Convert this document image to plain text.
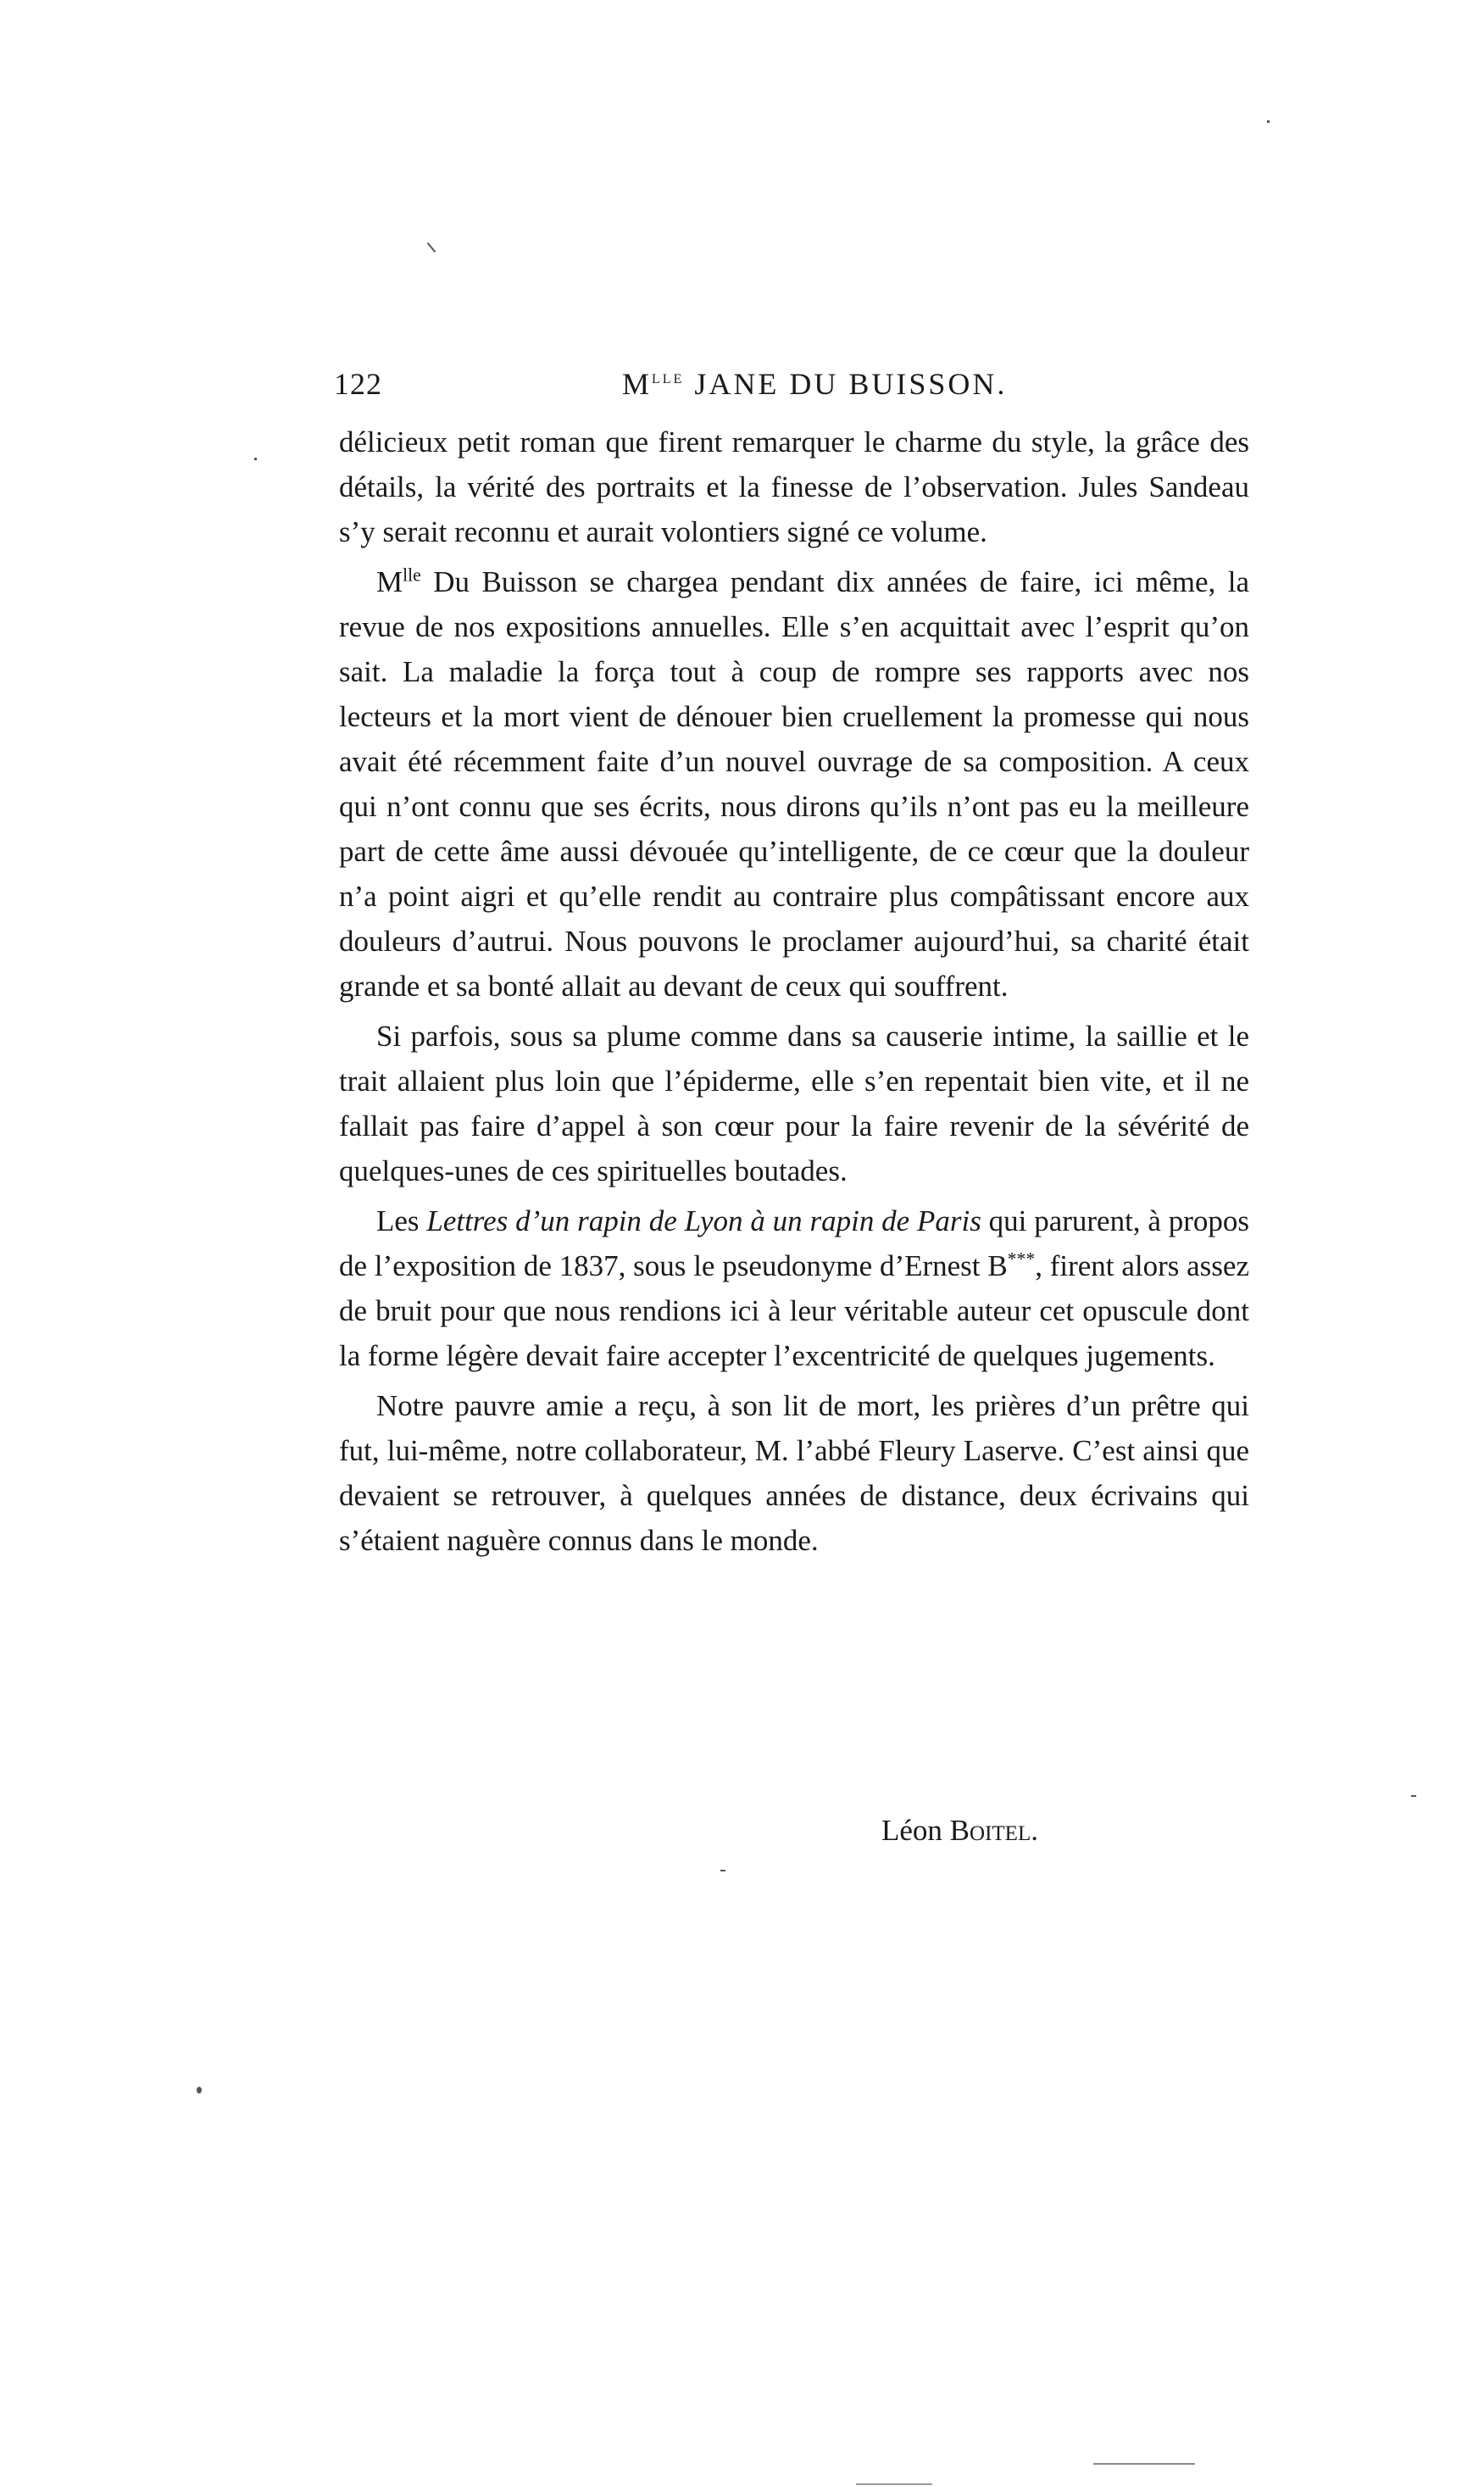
122	$M^{lle}$ JANE DU BUISSON.

délicieux petit roman que firent remarquer le charme du style, la grâce des détails, la vérité des portraits et la finesse de l’observation. Jules Sandeau s’y serait reconnu et aurait volontiers signé ce volume.

$M^{lle}$ Du Buisson se chargea pendant dix années de faire, ici même, la revue de nos expositions annuelles. Elle s’en acquittait avec l’esprit qu’on sait. La maladie la força tout à coup de rompre ses rapports avec nos lecteurs et la mort vient de dénouer bien cruellement la promesse qui nous avait été récemment faite d’un nouvel ouvrage de sa composition. A ceux qui n’ont connu que ses écrits, nous dirons qu’ils n’ont pas eu la meilleure part de cette âme aussi dévouée qu’intelligente, de ce cœur que la douleur n’a point aigri et qu’elle rendit au contraire plus compâtissant encore aux douleurs d’autrui. Nous pouvons le proclamer aujourd’hui, sa charité était grande et sa bonté allait au devant de ceux qui souffrent.

Si parfois, sous sa plume comme dans sa causerie intime, la saillie et le trait allaient plus loin que l’épiderme, elle s’en repentait bien vite, et il ne fallait pas faire d’appel à son cœur pour la faire revenir de la sévérité de quelques-unes de ces spirituelles boutades.

Les Lettres d’un rapin de Lyon à un rapin de Paris qui parurent, à propos de l’exposition de 1837, sous le pseudonyme d’Ernest B***, firent alors assez de bruit pour que nous rendions ici à leur véritable auteur cet opuscule dont la forme légère devait faire accepter l’excentricité de quelques jugements.

Notre pauvre amie a reçu, à son lit de mort, les prières d’un prêtre qui fut, lui-même, notre collaborateur, M. l’abbé Fleury Laserve. C’est ainsi que devaient se retrouver, à quelques années de distance, deux écrivains qui s’étaient naguère connus dans le monde.

Léon Boitel.
